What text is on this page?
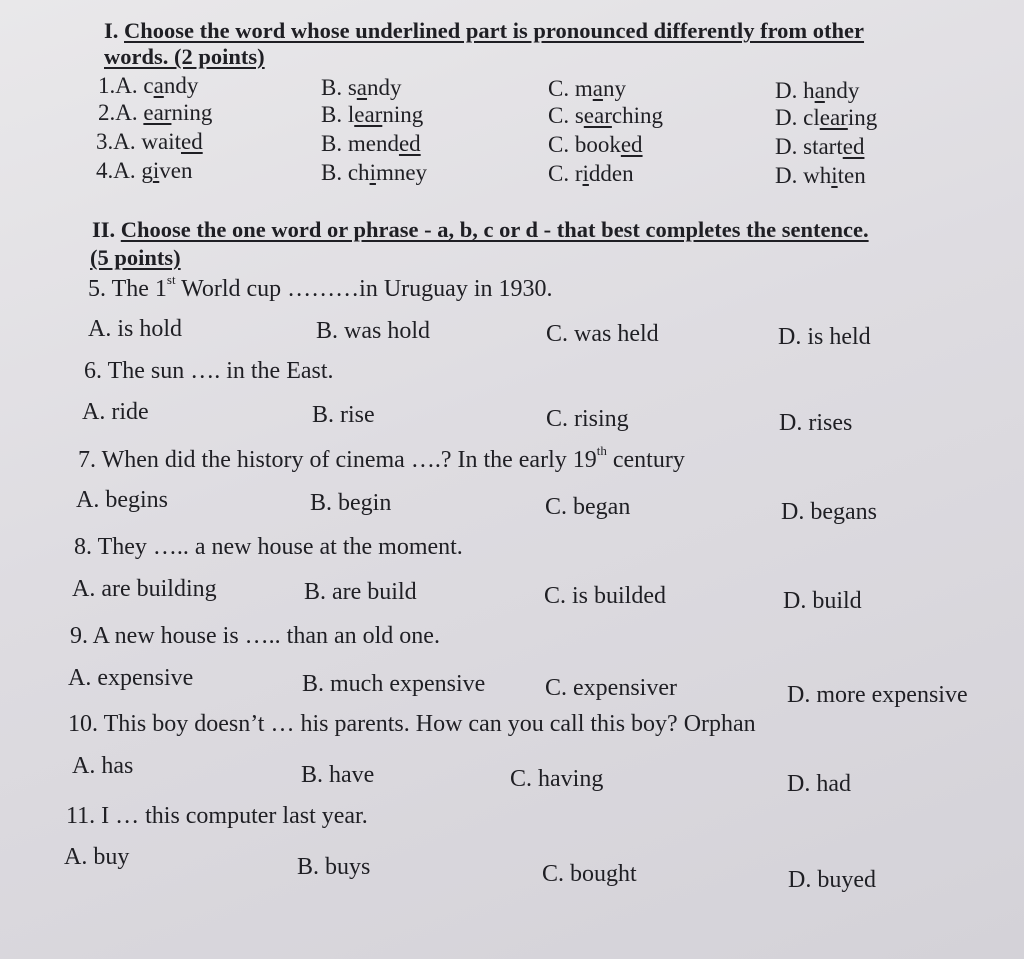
I. Choose the word whose underlined part is pronounced differently from other
words. (2 points)
1.A. candy	B. sandy	C. many	D. handy
2.A. earning	B. learning	C. searching	D. clearing
3.A. waited	B. mended	C. booked	D. started
4.A. given	B. chimney	C. ridden	D. whiten
II. Choose the one word or phrase - a, b, c or d - that best completes the sentence.
(5 points)
5. The 1st World cup ………in Uruguay in 1930.
A. is hold	B. was hold	C. was held	D. is held
6. The sun …. in the East.
A. ride	B. rise	C. rising	D. rises
7. When did the history of cinema ….? In the early 19th century
A. begins	B. begin	C. began	D. begans
8. They ….. a new house at the moment.
A. are building	B. are build	C. is builded	D. build
9. A new house is ….. than an old one.
A. expensive	B. much expensive C. expensiver	D. more expensive
10. This boy doesn’t … his parents. How can you call this boy? Orphan
A. has	B. have	C. having	D. had
11. I … this computer last year.
A. buy	B. buys	C. bought	D. buyed
